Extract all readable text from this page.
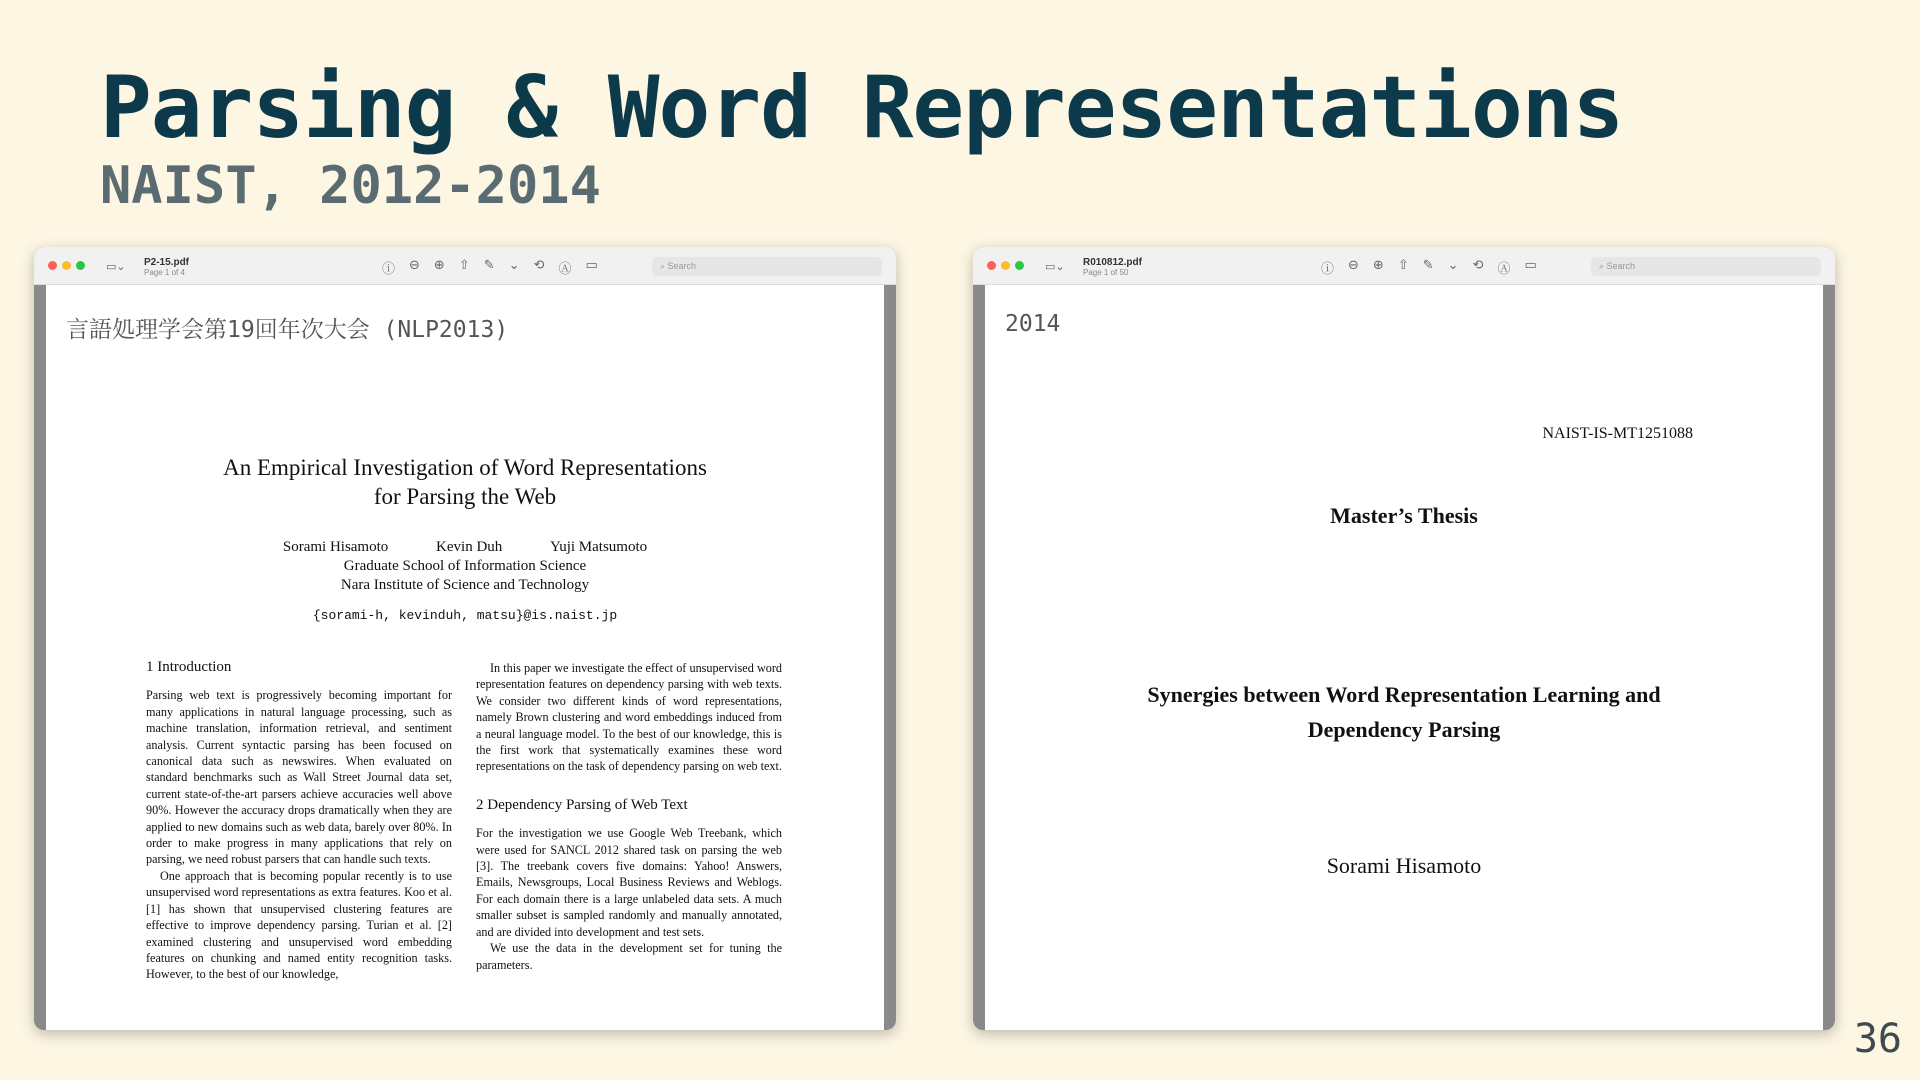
Parsing & Word Representations
NAIST, 2012-2014
▭⌄ P2-15.pdf
Page 1 of 4	ⓘ ⊖ ⊕ ⇧ ✎ ⌄ ⟲ Ⓐ ▭	⌕ Search
言語処理学会第19回年次大会 (NLP2013)
An Empirical Investigation of Word Representations
for Parsing the Web
Sorami Hisamoto	Kevin Duh	Yuji Matsumoto
Graduate School of Information Science
Nara Institute of Science and Technology
{sorami-h, kevinduh, matsu}@is.naist.jp
1 Introduction

Parsing web text is progressively becoming important for many applications in natural language processing, such as machine translation, information retrieval, and sentiment analysis. Current syntactic parsing has been focused on canonical data such as newswires. When evaluated on standard benchmarks such as Wall Street Journal data set, current state-of-the-art parsers achieve accuracies well above 90%. However the accuracy drops dramatically when they are applied to new domains such as web data, barely over 80%. In order to make progress in many applications that rely on parsing, we need robust parsers that can handle such texts.

One approach that is becoming popular recently is to use unsupervised word representations as extra features. Koo et al. [1] has shown that unsupervised clustering features are effective to improve dependency parsing. Turian et al. [2] examined clustering and unsupervised word embedding features on chunking and named entity recognition tasks. However, to the best of our knowledge,

In this paper we investigate the effect of unsupervised word representation features on dependency parsing with web texts. We consider two different kinds of word representations, namely Brown clustering and word embeddings induced from a neural language model. To the best of our knowledge, this is the first work that systematically examines these word representations on the task of dependency parsing on web text.

2 Dependency Parsing of Web Text

For the investigation we use Google Web Treebank, which were used for SANCL 2012 shared task on parsing the web [3]. The treebank covers five domains: Yahoo! Answers, Emails, Newsgroups, Local Business Reviews and Weblogs. For each domain there is a large unlabeled data sets. A much smaller subset is sampled randomly and manually annotated, and are divided into development and test sets.

We use the data in the development set for tuning the parameters.

▭⌄ R010812.pdf
Page 1 of 50	ⓘ ⊖ ⊕ ⇧ ✎ ⌄ ⟲ Ⓐ ▭	⌕ Search
2014
NAIST-IS-MT1251088
Master’s Thesis
Synergies between Word Representation Learning and
Dependency Parsing
Sorami Hisamoto
36
